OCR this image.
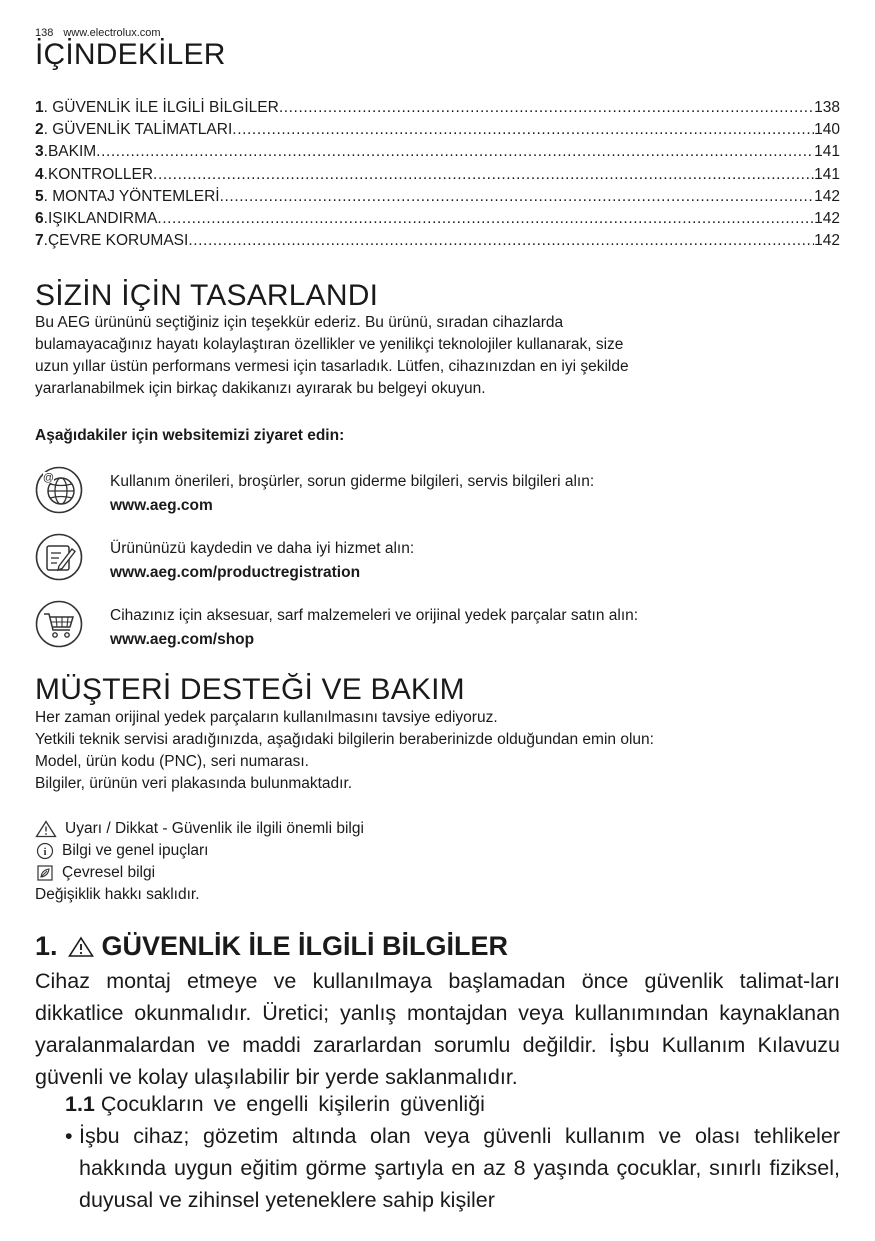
138 www.electrolux.com
İÇİNDEKİLER
1 . GÜVENLİK İLE İLGİLİ BİLGİLER .....	138
2 . GÜVENLİK TALİMATLARI .....	140
3 . BAKIM .....	141
4 . KONTROLLER .....	141
5 . MONTAJ YÖNTEMLERİ .....	142
6 . IŞIKLANDIRMA .....	142
7 . ÇEVRE KORUMASI .....	142
SİZİN İÇİN TASARLANDI
Bu AEG ürününü seçtiğiniz için teşekkür ederiz. Bu ürünü, sıradan cihazlarda
bulamayacağınız hayatı kolaylaştıran özellikler ve yenilikçi teknolojiler kullanarak, size
uzun yıllar üstün performans vermesi için tasarladık. Lütfen, cihazınızdan en iyi şekilde
yararlanabilmek için birkaç dakikanızı ayırarak bu belgeyi okuyun.
Aşağıdakiler için websitemizi ziyaret edin:
@	Kullanım önerileri, broşürler, sorun giderme bilgileri, servis bilgileri alın:
www.aeg.com
Ürününüzü kaydedin ve daha iyi hizmet alın:
www.aeg.com/productregistration
Cihazınız için aksesuar, sarf malzemeleri ve orijinal yedek parçalar satın alın:
www.aeg.com/shop
MÜŞTERİ DESTEĞİ VE BAKIM
Her zaman orijinal yedek parçaların kullanılmasını tavsiye ediyoruz.
Yetkili teknik servisi aradığınızda, aşağıdaki bilgilerin beraberinizde olduğundan emin olun:
Model, ürün kodu (PNC), seri numarası.
Bilgiler, ürünün veri plakasında bulunmaktadır.
Uyarı / Dikkat - Güvenlik ile ilgili önemli bilgi
i Bilgi ve genel ipuçları
Çevresel bilgi
Değişiklik hakkı saklıdır.
1. GÜVENLİK İLE İLGİLİ BİLGİLER

Cihaz montaj etmeye ve kullanılmaya başlamadan önce güvenlik talimat-ları dikkatlice okunmalıdır. Üretici; yanlış montajdan veya kullanımından kaynaklanan yaralanmalardan ve maddi zararlardan sorumlu değildir. İşbu Kullanım Kılavuzu güvenli ve kolay ulaşılabilir bir yerde saklanmalıdır.

1.1 Çocukların ve engelli kişilerin güvenliği
• İşbu cihaz; gözetim altında olan veya güvenli kullanım ve olası tehlikeler hakkında uygun eğitim görme şartıyla en az 8 yaşında çocuklar, sınırlı fiziksel, duyusal ve zihinsel yeteneklere sahip kişiler
